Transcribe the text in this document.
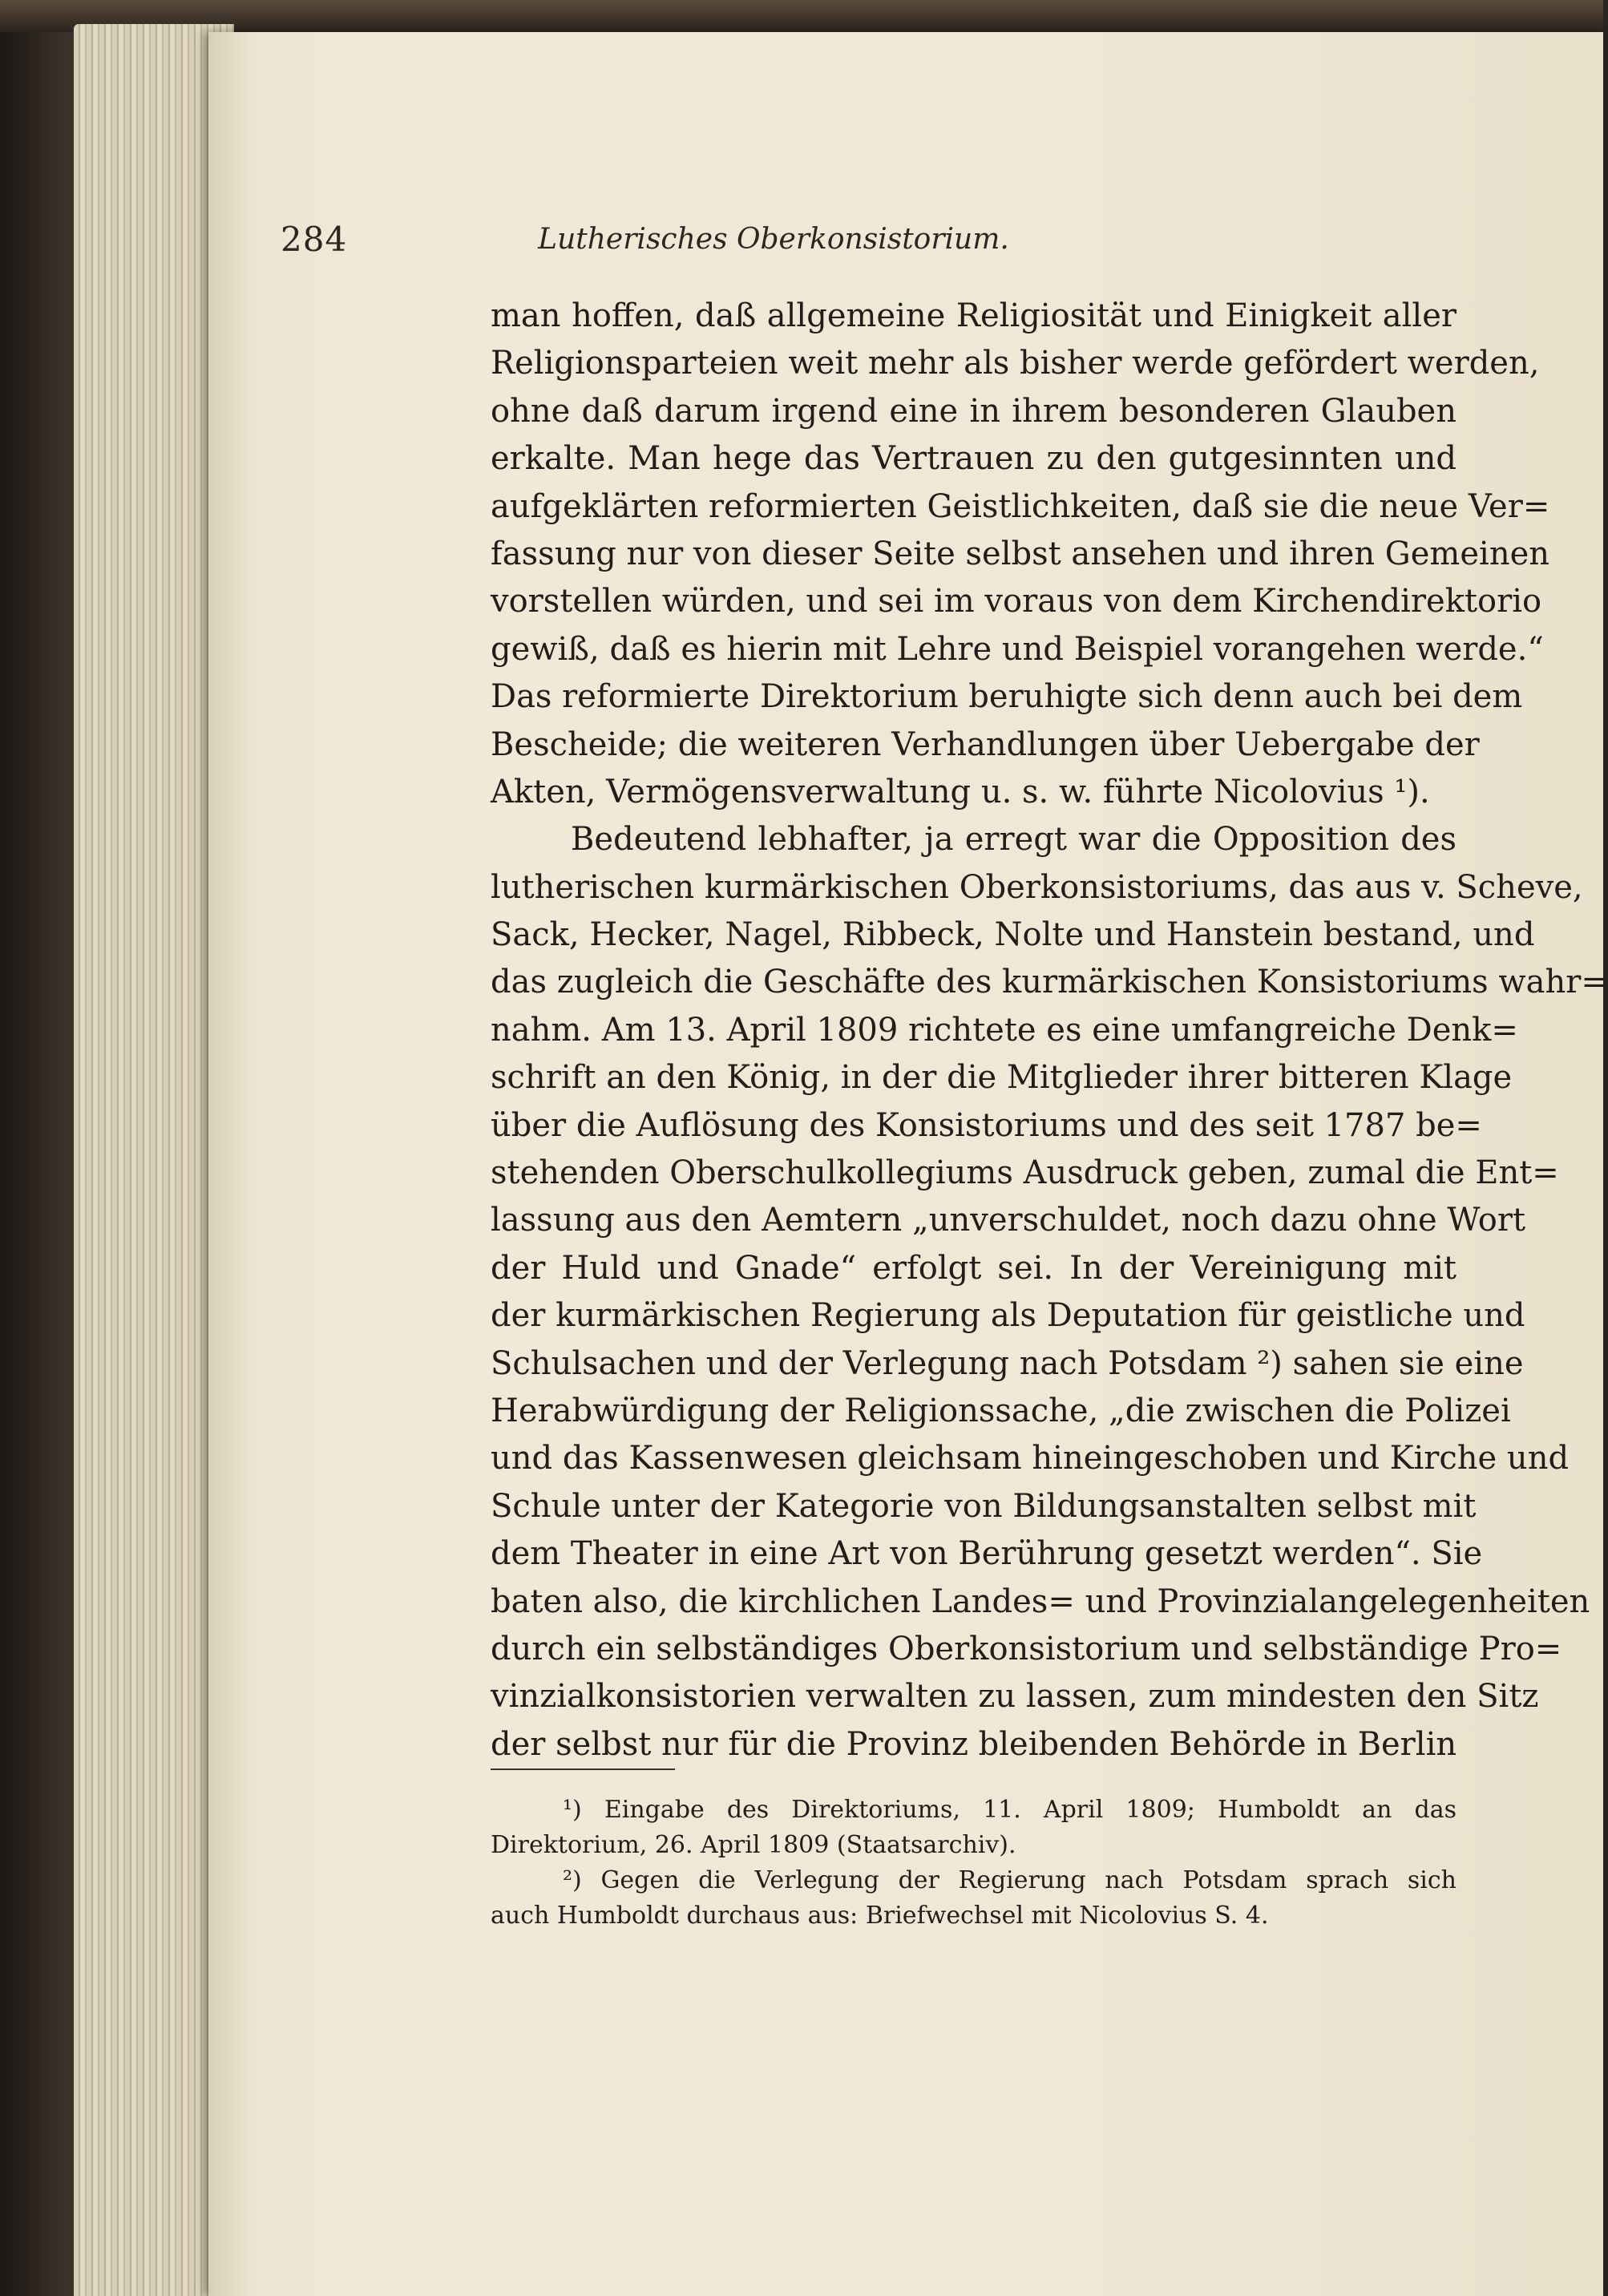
284	Lutherisches Oberkonsistorium.
man hoffen, daß allgemeine Religiosität und Einigkeit aller
Religionsparteien weit mehr als bisher werde gefördert werden,
ohne daß darum irgend eine in ihrem besonderen Glauben
erkalte. Man hege das Vertrauen zu den gutgesinnten und
aufgeklärten reformierten Geistlichkeiten, daß sie die neue Ver=
fassung nur von dieser Seite selbst ansehen und ihren Gemeinen
vorstellen würden, und sei im voraus von dem Kirchendirektorio
gewiß, daß es hierin mit Lehre und Beispiel vorangehen werde.“
Das reformierte Direktorium beruhigte sich denn auch bei dem
Bescheide; die weiteren Verhandlungen über Uebergabe der
Akten, Vermögensverwaltung u. s. w. führte Nicolovius ¹).
Bedeutend lebhafter, ja erregt war die Opposition des
lutherischen kurmärkischen Oberkonsistoriums, das aus v. Scheve,
Sack, Hecker, Nagel, Ribbeck, Nolte und Hanstein bestand, und
das zugleich die Geschäfte des kurmärkischen Konsistoriums wahr=
nahm. Am 13. April 1809 richtete es eine umfangreiche Denk=
schrift an den König, in der die Mitglieder ihrer bitteren Klage
über die Auflösung des Konsistoriums und des seit 1787 be=
stehenden Oberschulkollegiums Ausdruck geben, zumal die Ent=
lassung aus den Aemtern „unverschuldet, noch dazu ohne Wort
der Huld und Gnade“ erfolgt sei. In der Vereinigung mit
der kurmärkischen Regierung als Deputation für geistliche und
Schulsachen und der Verlegung nach Potsdam ²) sahen sie eine
Herabwürdigung der Religionssache, „die zwischen die Polizei
und das Kassenwesen gleichsam hineingeschoben und Kirche und
Schule unter der Kategorie von Bildungsanstalten selbst mit
dem Theater in eine Art von Berührung gesetzt werden“. Sie
baten also, die kirchlichen Landes= und Provinzialangelegenheiten
durch ein selbständiges Oberkonsistorium und selbständige Pro=
vinzialkonsistorien verwalten zu lassen, zum mindesten den Sitz
der selbst nur für die Provinz bleibenden Behörde in Berlin
¹) Eingabe des Direktoriums, 11. April 1809; Humboldt an das
Direktorium, 26. April 1809 (Staatsarchiv).
²) Gegen die Verlegung der Regierung nach Potsdam sprach sich
auch Humboldt durchaus aus: Briefwechsel mit Nicolovius S. 4.
